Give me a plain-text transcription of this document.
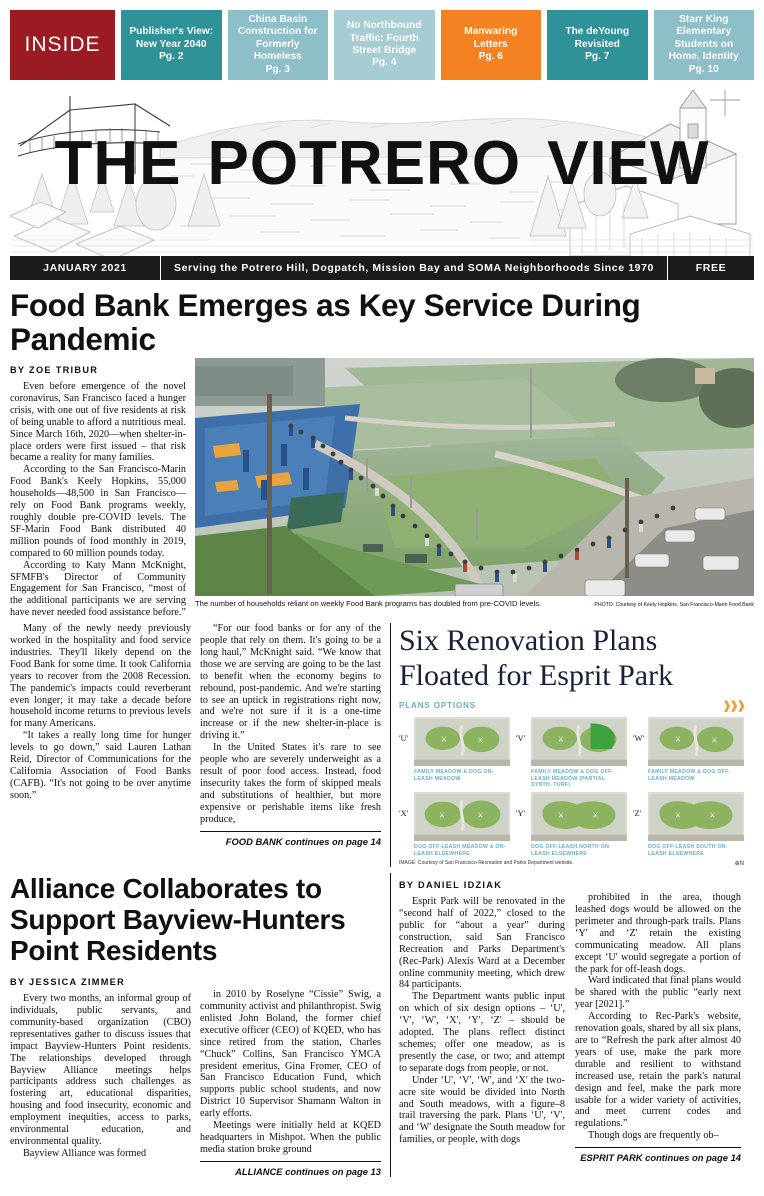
INSIDE
Publisher's View:
New Year 2040
Pg. 2
China Basin
Construction for
Formerly Homeless
Pg. 3
No Northbound
Traffic: Fourth
Street Bridge
Pg. 4
Manwaring
Letters
Pg. 6
The deYoung
Revisited
Pg. 7
Starr King
Elementary
Students on
Home, Identity
Pg. 10
THE POTRERO VIEW
JANUARY 2021	Serving the Potrero Hill, Dogpatch, Mission Bay and SOMA Neighborhoods Since 1970	FREE
Food Bank Emerges as Key Service During Pandemic
BY ZOE TRIBUR

Even before emergence of the novel coronavirus, San Francisco faced a hunger crisis, with one out of five residents at risk of being unable to afford a nutritious meal. Since March 16th, 2020—when shelter-in-place orders were first issued – that risk became a reality for many families.

According to the San Francisco-Marin Food Bank's Keely Hopkins, 55,000 households—48,500 in San Francisco—rely on Food Bank programs weekly, roughly double pre-COVID levels. The SF-Marin Food Bank distributed 40 million pounds of food monthly in 2019, compared to 60 million pounds today.

According to Katy Mann McKnight, SFMFB's Director of Community Engagement for San Francisco, “most of the additional participants we are serving have never needed food assistance before.”

The number of households reliant on weekly Food Bank programs has doubled from pre-COVID levels.	PHOTO: Courtesy of Keely Hopkins, San Francisco-Marin Food Bank

Many of the newly needy previously worked in the hospitality and food service industries. They'll likely depend on the Food Bank for some time. It took California years to recover from the 2008 Recession. The pandemic's impacts could reverberant even longer; it may take a decade before household income returns to previous levels for many Americans.

“It takes a really long time for hunger levels to go down,” said Lauren Lathan Reid, Director of Communications for the California Association of Food Banks (CAFB). “It's not going to be over anytime soon.”

“For our food banks or for any of the people that rely on them. It's going to be a long haul,” McKnight said. “We know that those we are serving are going to be the last to benefit when the economy begins to rebound, post-pandemic. And we're starting to see an uptick in registrations right now, and we're not sure if it is a one-time increase or if the new shelter-in-place is driving it.”

In the United States it's rare to see people who are severely underweight as a result of poor food access. Instead, food insecurity takes the form of skipped meals and substitutions of healthier, but more expensive or perishable items like fresh produce,

FOOD BANK continues on page 14
Six Renovation Plans
Floated for Esprit Park
PLANS OPTIONS	❱❱❱
'U'	⚔	⚔
FAMILY MEADOW & DOG ON-LEASH MEADOW
'V'	⚔
FAMILY MEADOW & DOG OFF-LEASH MEADOW (PARTIAL SYNTH. TURF)
'W'	⚔	⚔
FAMILY MEADOW & DOG OFF-LEASH MEADOW
'X'	⚔	⚔
DOG OFF-LEASH MEADOW & ON-LEASH ELSEWHERE
'Y'	⚔	⚔
DOG OFF-LEASH NORTH ON-LEASH ELSEWHERE
'Z'	⚔	⚔
DOG OFF-LEASH SOUTH ON-LEASH ELSEWHERE
IMAGE: Courtesy of San Francisco Recreation and Parks Department website.	⊕N
Alliance Collaborates to
Support Bayview-Hunters
Point Residents
BY JESSICA ZIMMER

Every two months, an informal group of individuals, public servants, and community-based organization (CBO) representatives gather to discuss issues that impact Bayview-Hunters Point residents. The relationships developed through Bayview Alliance meetings helps participants address such challenges as fostering art, educational disparities, housing and food insecurity, economic and employment inequities, access to parks, environmental education, and environmental quality.

Bayview Alliance was formed

in 2010 by Roselyne “Cissie” Swig, a community activist and philanthropist. Swig enlisted John Boland, the former chief executive officer (CEO) of KQED, who has since retired from the station, Charles “Chuck” Collins, San Francisco YMCA president emeritus, Gina Fromer, CEO of San Francisco Education Fund, which supports public school students, and now District 10 Supervisor Shamann Walton in early efforts.

Meetings were initially held at KQED headquarters in Mishpot. When the public media station broke ground

ALLIANCE continues on page 13
BY DANIEL IDZIAK

Esprit Park will be renovated in the “second half of 2022,” closed to the public for “about a year” during construction, said San Francisco Recreation and Parks Department's (Rec-Park) Alexis Ward at a December online community meeting, which drew 84 participants.

The Department wants public input on which of six design options – ‘U', ‘V', ‘W', ‘X', ‘Y', ‘Z' – should be adopted. The plans reflect distinct schemes; offer one meadow, as is presently the case, or two; and attempt to separate dogs from people, or not.

Under ‘U', ‘V', ‘W', and ‘X' the two-acre site would be divided into North and South meadows, with a figure–8 trail traversing the park. Plans ‘U', ‘V', and ‘W' designate the South meadow for families, or people, with dogs

prohibited in the area, though leashed dogs would be allowed on the perimeter and through-park trails. Plans ‘Y' and ‘Z' retain the existing communicating meadow. All plans except ‘U' would segregate a portion of the park for off-leash dogs.

Ward indicated that final plans would be shared with the public “early next year [2021].”

According to Rec-Park's website, renovation goals, shared by all six plans, are to “Refresh the park after almost 40 years of use, make the park more durable and resilient to withstand increased use, retain the park's natural design and feel, make the park more usable for a wider variety of activities, and meet current codes and regulations.”

Though dogs are frequently ob–

ESPRIT PARK continues on page 14
